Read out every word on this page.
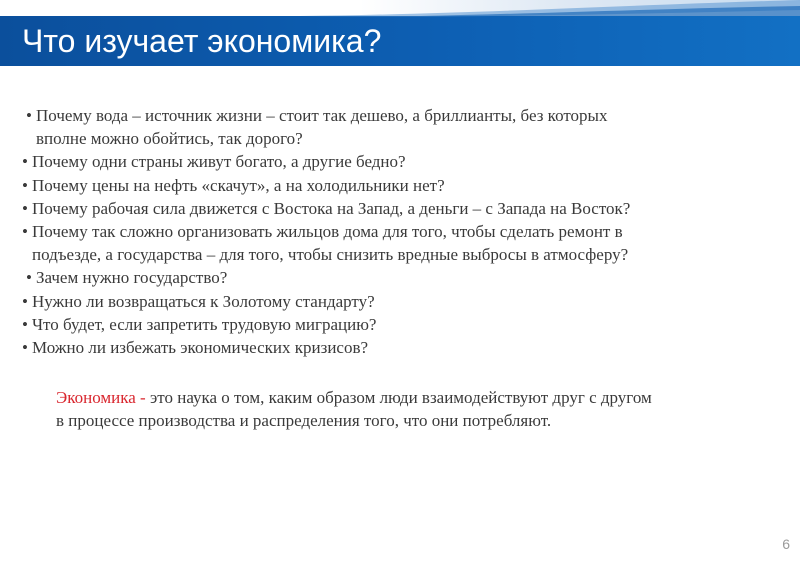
Что изучает экономика?
• Почему вода – источник жизни – стоит так дешево, а бриллианты, без которых
вполне можно обойтись, так дорого?
• Почему одни страны живут богато, а другие бедно?
• Почему цены на нефть «скачут», а на холодильники нет?
• Почему рабочая сила движется с Востока на Запад, а деньги – с Запада на Восток?
• Почему так сложно организовать жильцов дома для того, чтобы сделать ремонт в
подъезде, а государства – для того, чтобы снизить вредные выбросы в атмосферу?
• Зачем нужно государство?
• Нужно ли возвращаться к Золотому стандарту?
• Что будет, если запретить трудовую миграцию?
• Можно ли избежать экономических кризисов?
Экономика - это наука о том, каким образом люди взаимодействуют друг с другом
в процессе производства и распределения того, что они потребляют.
6
